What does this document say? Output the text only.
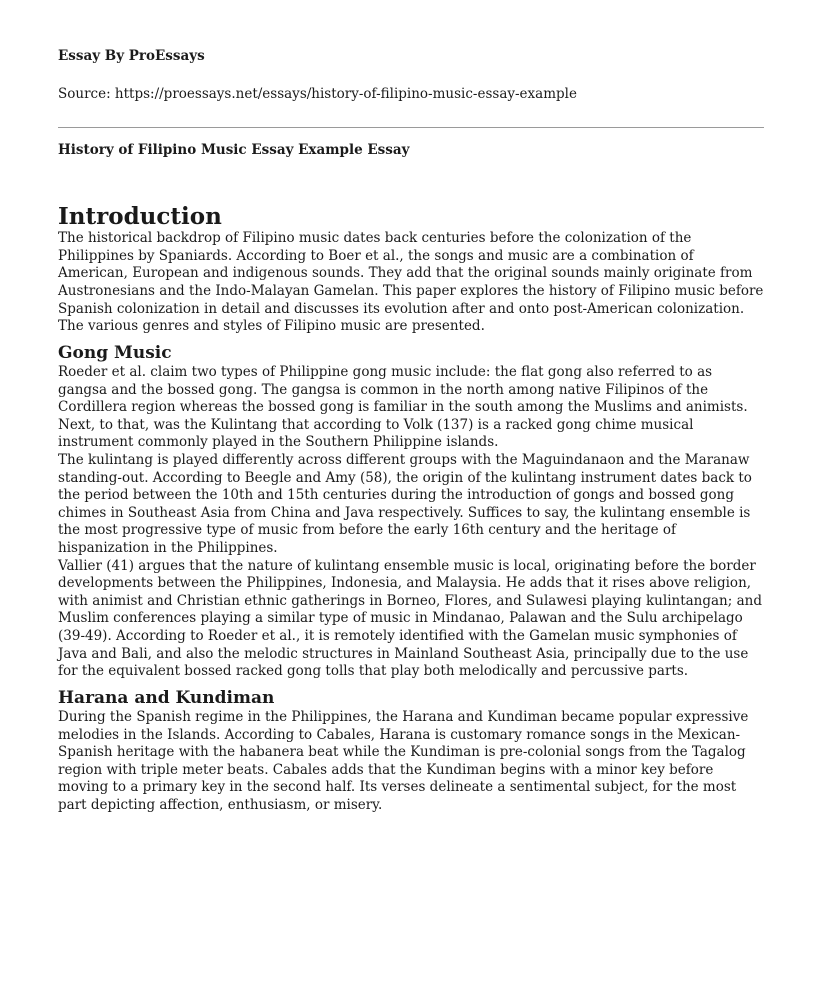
Essay By ProEssays

Source: https://proessays.net/essays/history-of-filipino-music-essay-example

History of Filipino Music Essay Example Essay

Introduction

The historical backdrop of Filipino music dates back centuries before the colonization of the Philippines by Spaniards. According to Boer et al., the songs and music are a combination of American, European and indigenous sounds. They add that the original sounds mainly originate from Austronesians and the Indo-Malayan Gamelan. This paper explores the history of Filipino music before Spanish colonization in detail and discusses its evolution after and onto post-American colonization. The various genres and styles of Filipino music are presented.

Gong Music

Roeder et al. claim two types of Philippine gong music include: the flat gong also referred to as gangsa and the bossed gong. The gangsa is common in the north among native Filipinos of the Cordillera region whereas the bossed gong is familiar in the south among the Muslims and animists. Next, to that, was the Kulintang that according to Volk (137) is a racked gong chime musical instrument commonly played in the Southern Philippine islands.

The kulintang is played differently across different groups with the Maguindanaon and the Maranaw standing-out. According to Beegle and Amy (58), the origin of the kulintang instrument dates back to the period between the 10th and 15th centuries during the introduction of gongs and bossed gong chimes in Southeast Asia from China and Java respectively. Suffices to say, the kulintang ensemble is the most progressive type of music from before the early 16th century and the heritage of hispanization in the Philippines.

Vallier (41) argues that the nature of kulintang ensemble music is local, originating before the border developments between the Philippines, Indonesia, and Malaysia. He adds that it rises above religion, with animist and Christian ethnic gatherings in Borneo, Flores, and Sulawesi playing kulintangan; and Muslim conferences playing a similar type of music in Mindanao, Palawan and the Sulu archipelago (39-49). According to Roeder et al., it is remotely identified with the Gamelan music symphonies of Java and Bali, and also the melodic structures in Mainland Southeast Asia, principally due to the use for the equivalent bossed racked gong tolls that play both melodically and percussive parts.

Harana and Kundiman

During the Spanish regime in the Philippines, the Harana and Kundiman became popular expressive melodies in the Islands. According to Cabales, Harana is customary romance songs in the Mexican-Spanish heritage with the habanera beat while the Kundiman is pre-colonial songs from the Tagalog region with triple meter beats. Cabales adds that the Kundiman begins with a minor key before moving to a primary key in the second half. Its verses delineate a sentimental subject, for the most part depicting affection, enthusiasm, or misery.
